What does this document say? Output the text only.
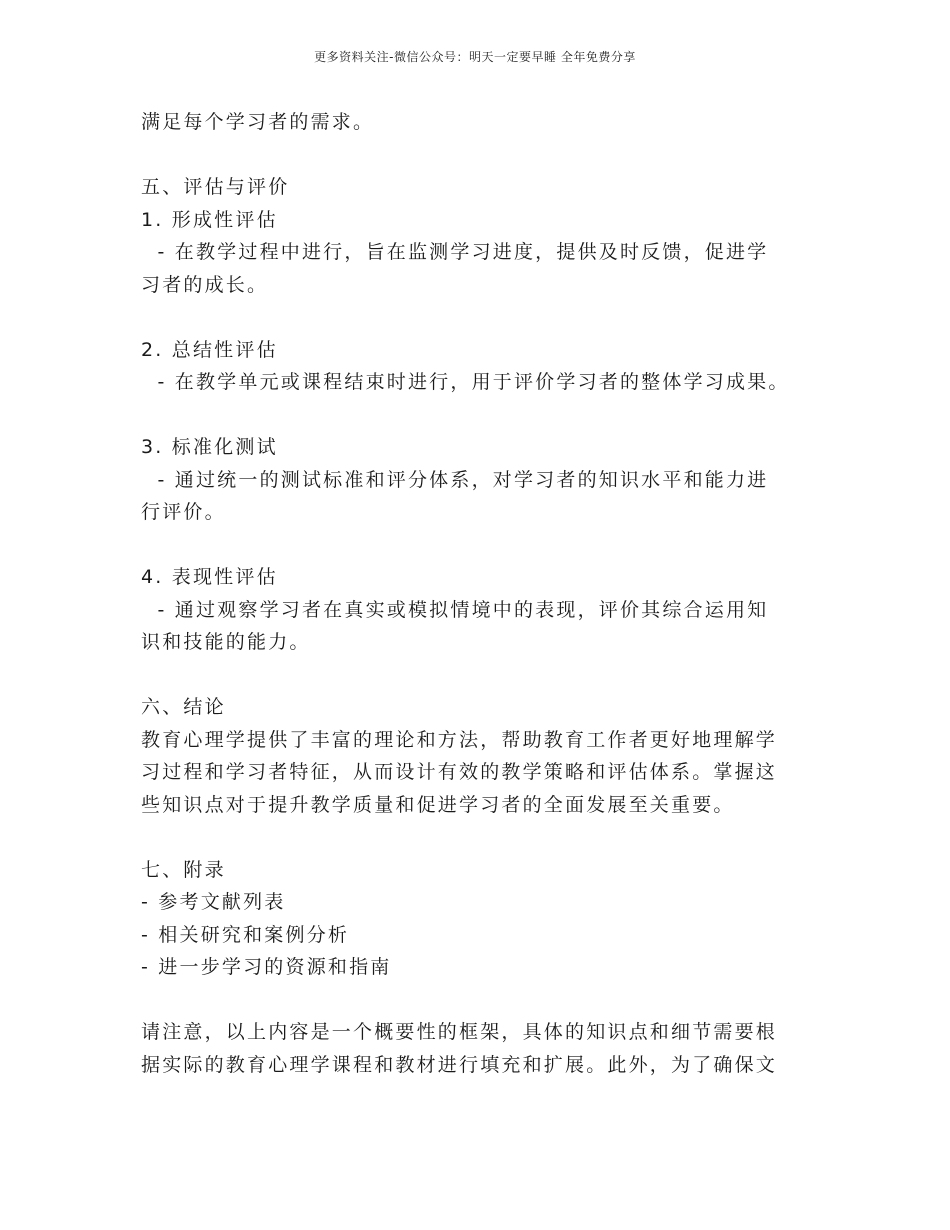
更多资料关注-微信公众号：明天一定要早睡 全年免费分享

满足每个学习者的需求。

五、评估与评价

1. 形成性评估

- 在教学过程中进行，旨在监测学习进度，提供及时反馈，促进学

习者的成长。

2. 总结性评估

- 在教学单元或课程结束时进行，用于评价学习者的整体学习成果。

3. 标准化测试

- 通过统一的测试标准和评分体系，对学习者的知识水平和能力进

行评价。

4. 表现性评估

- 通过观察学习者在真实或模拟情境中的表现，评价其综合运用知

识和技能的能力。

六、结论

教育心理学提供了丰富的理论和方法，帮助教育工作者更好地理解学

习过程和学习者特征，从而设计有效的教学策略和评估体系。掌握这

些知识点对于提升教学质量和促进学习者的全面发展至关重要。

七、附录

- 参考文献列表

- 相关研究和案例分析

- 进一步学习的资源和指南

请注意，以上内容是一个概要性的框架，具体的知识点和细节需要根

据实际的教育心理学课程和教材进行填充和扩展。此外，为了确保文
